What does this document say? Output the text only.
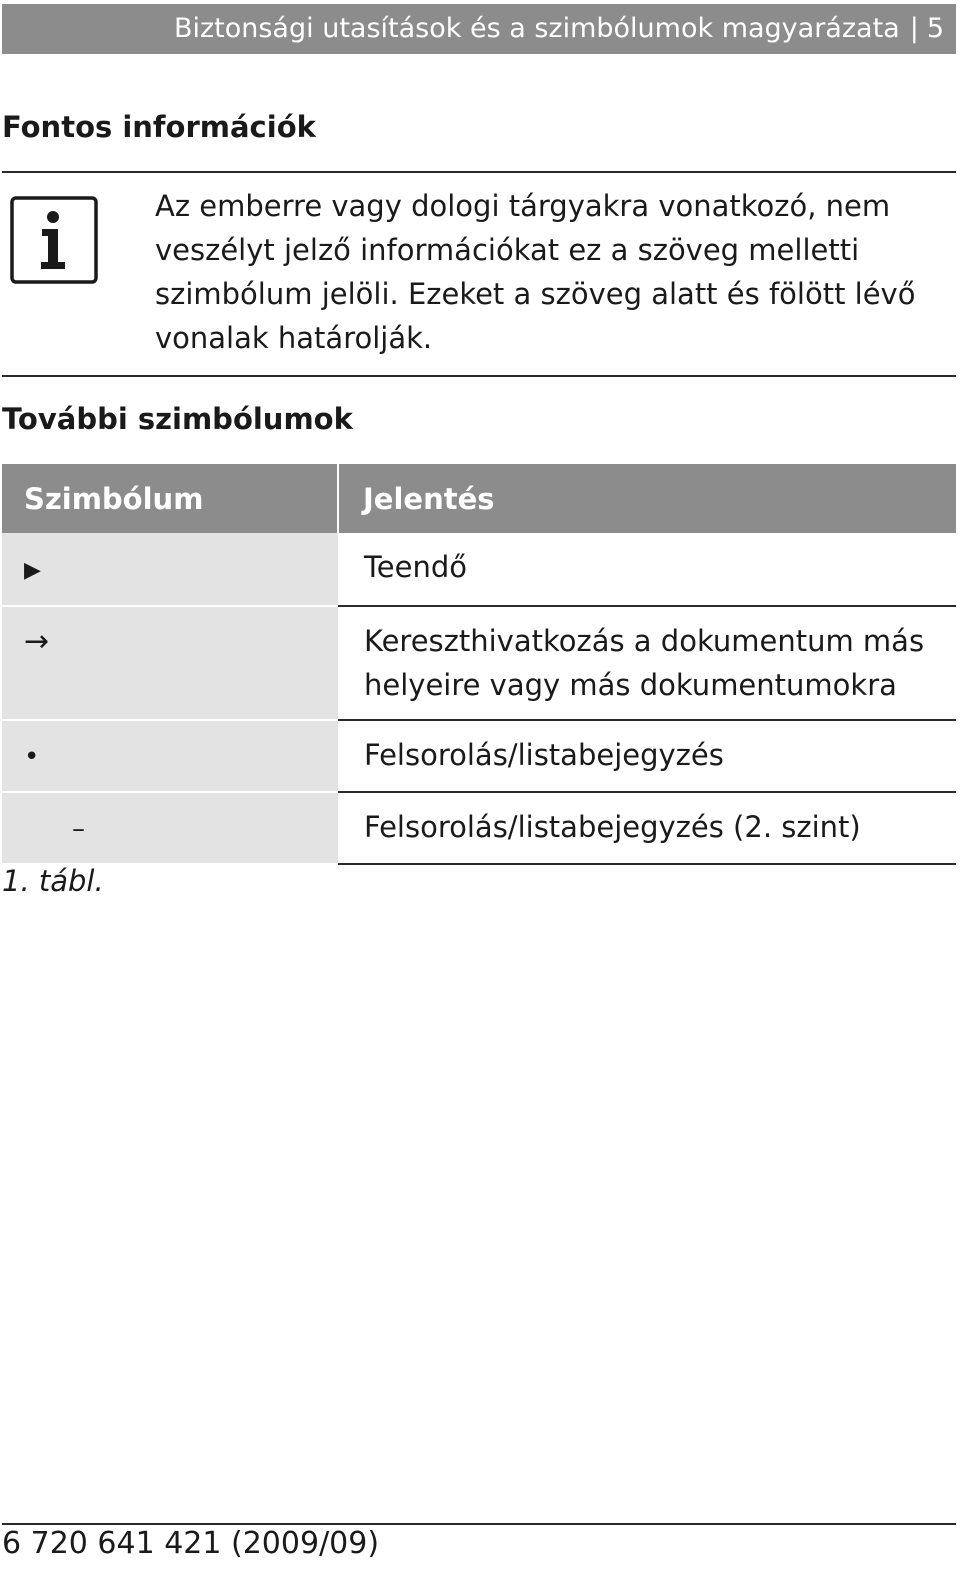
Biztonsági utasítások és a szimbólumok magyarázata | 5
Fontos információk

Az emberre vagy dologi tárgyakra vonatkozó, nem veszélyt jelző információkat ez a szöveg melletti szimbólum jelöli. Ezeket a szöveg alatt és fölött lévő vonalak határolják.

További szimbólumok
Szimbólum	Jelentés
▶	Teendő
→	Kereszthivatkozás a dokumentum más helyeire vagy más dokumentumokra
•	Felsorolás/listabejegyzés
–	Felsorolás/listabejegyzés (2. szint)
1. tábl.
6 720 641 421 (2009/09)
